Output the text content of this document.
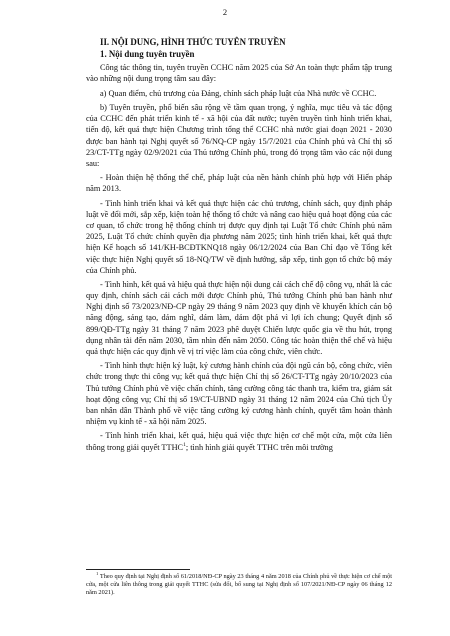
2
II. NỘI DUNG, HÌNH THỨC TUYÊN TRUYỀN
1. Nội dung tuyên truyền

Công tác thông tin, tuyên truyền CCHC năm 2025 của Sở An toàn thực phẩm tập trung vào những nội dung trọng tâm sau đây:

a) Quan điểm, chủ trương của Đảng, chính sách pháp luật của Nhà nước về CCHC.

b) Tuyên truyền, phổ biến sâu rộng về tầm quan trọng, ý nghĩa, mục tiêu và tác động của CCHC đến phát triển kinh tế - xã hội của đất nước; tuyên truyền tình hình triển khai, tiến độ, kết quả thực hiện Chương trình tổng thể CCHC nhà nước giai đoạn 2021 - 2030 được ban hành tại Nghị quyết số 76/NQ-CP ngày 15/7/2021 của Chính phủ và Chỉ thị số 23/CT-TTg ngày 02/9/2021 của Thủ tướng Chính phủ, trong đó trọng tâm vào các nội dung sau:

- Hoàn thiện hệ thống thể chế, pháp luật của nền hành chính phù hợp với Hiến pháp năm 2013.

- Tình hình triển khai và kết quả thực hiện các chủ trương, chính sách, quy định pháp luật về đổi mới, sắp xếp, kiện toàn hệ thống tổ chức và nâng cao hiệu quả hoạt động của các cơ quan, tổ chức trong hệ thống chính trị được quy định tại Luật Tổ chức Chính phủ năm 2025, Luật Tổ chức chính quyền địa phương năm 2025; tình hình triển khai, kết quả thực hiện Kế hoạch số 141/KH-BCĐTKNQ18 ngày 06/12/2024 của Ban Chỉ đạo về Tổng kết việc thực hiện Nghị quyết số 18-NQ/TW về định hướng, sắp xếp, tinh gọn tổ chức bộ máy của Chính phủ.

- Tình hình, kết quả và hiệu quả thực hiện nội dung cải cách chế độ công vụ, nhất là các quy định, chính sách cải cách mới được Chính phủ, Thủ tướng Chính phủ ban hành như Nghị định số 73/2023/NĐ-CP ngày 29 tháng 9 năm 2023 quy định về khuyến khích cán bộ năng động, sáng tạo, dám nghĩ, dám làm, dám đột phá vì lợi ích chung; Quyết định số 899/QĐ-TTg ngày 31 tháng 7 năm 2023 phê duyệt Chiến lược quốc gia về thu hút, trọng dụng nhân tài đến năm 2030, tầm nhìn đến năm 2050. Công tác hoàn thiện thể chế và hiệu quả thực hiện các quy định về vị trí việc làm của công chức, viên chức.

- Tình hình thực hiện kỷ luật, kỷ cương hành chính của đội ngũ cán bộ, công chức, viên chức trong thực thi công vụ; kết quả thực hiện Chỉ thị số 26/CT-TTg ngày 20/10/2023 của Thủ tướng Chính phủ về việc chấn chỉnh, tăng cường công tác thanh tra, kiểm tra, giám sát hoạt động công vụ; Chỉ thị số 19/CT-UBND ngày 31 tháng 12 năm 2024 của Chủ tịch Ủy ban nhân dân Thành phố về việc tăng cường kỷ cương hành chính, quyết tâm hoàn thành nhiệm vụ kinh tế - xã hội năm 2025.

- Tình hình triển khai, kết quả, hiệu quả việc thực hiện cơ chế một cửa, một cửa liên thông trong giải quyết TTHC$^1$; tình hình giải quyết TTHC trên môi trường

$^1$ Theo quy định tại Nghị định số 61/2018/NĐ-CP ngày 23 tháng 4 năm 2018 của Chính phủ về thực hiện cơ chế một cửa, một cửa liên thông trong giải quyết TTHC (sửa đổi, bổ sung tại Nghị định số 107/2021/NĐ-CP ngày 06 tháng 12 năm 2021).
